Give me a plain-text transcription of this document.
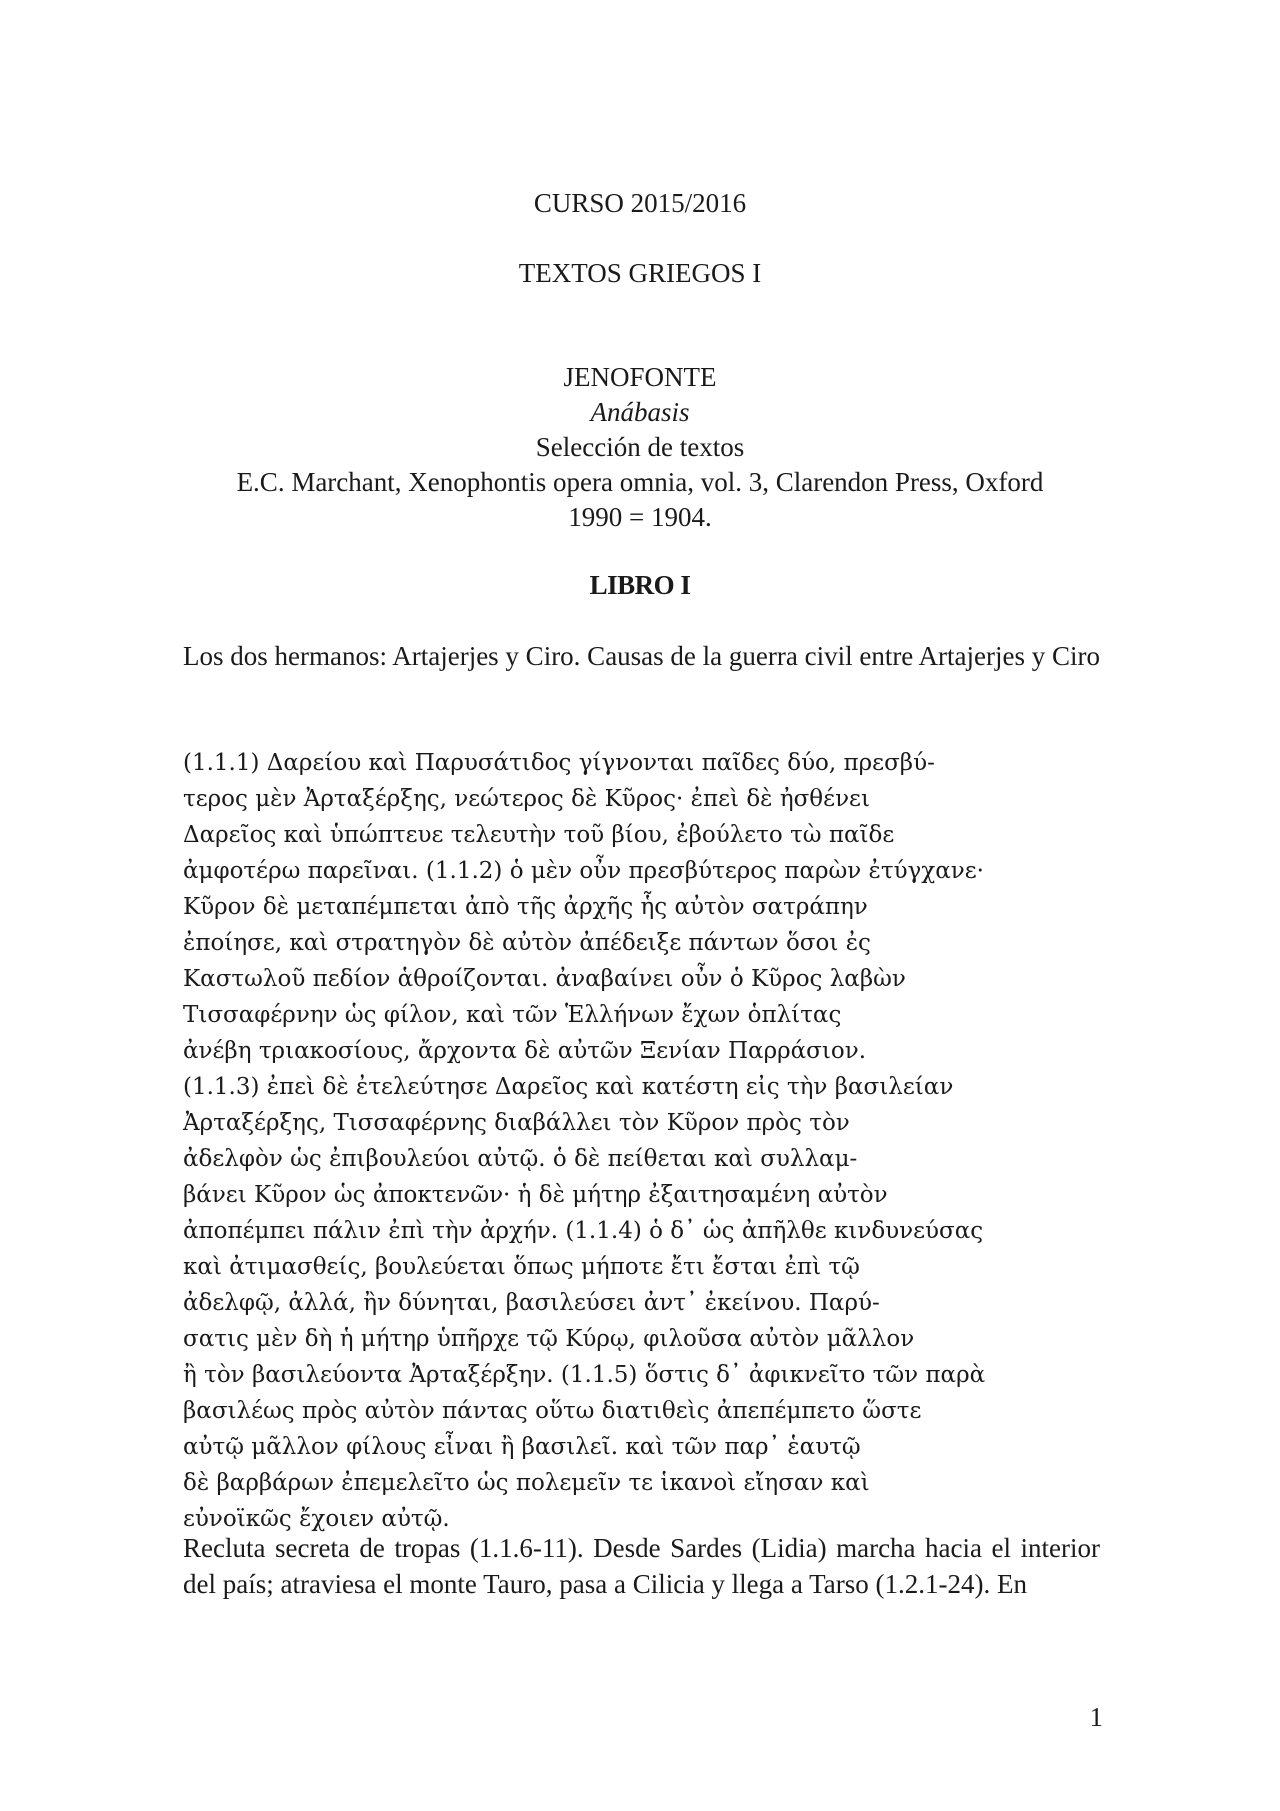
CURSO 2015/2016
TEXTOS GRIEGOS I
JENOFONTE
Anábasis
Selección de textos
E.C. Marchant, Xenophontis opera omnia, vol. 3, Clarendon Press, Oxford
1990 = 1904.
LIBRO I
Los dos hermanos: Artajerjes y Ciro. Causas de la guerra civil entre Artajerjes y Ciro
(1.1.1) Δαρείου καὶ Παρυσάτιδος γίγνονται παῖδες δύο, πρεσβύ-
τερος μὲν Ἀρταξέρξης, νεώτερος δὲ Κῦρος· ἐπεὶ δὲ ἠσθένει
Δαρεῖος καὶ ὑπώπτευε τελευτὴν τοῦ βίου, ἐβούλετο τὼ παῖδε
ἀμφοτέρω παρεῖναι. (1.1.2) ὁ μὲν οὖν πρεσβύτερος παρὼν ἐτύγχανε·
Κῦρον δὲ μεταπέμπεται ἀπὸ τῆς ἀρχῆς ἧς αὐτὸν σατράπην
ἐποίησε, καὶ στρατηγὸν δὲ αὐτὸν ἀπέδειξε πάντων ὅσοι ἐς
Καστωλοῦ πεδίον ἁθροίζονται. ἀναβαίνει οὖν ὁ Κῦρος λαβὼν
Τισσαφέρνην ὡς φίλον, καὶ τῶν Ἑλλήνων ἔχων ὁπλίτας
ἀνέβη τριακοσίους, ἄρχοντα δὲ αὐτῶν Ξενίαν Παρράσιον.
(1.1.3) ἐπεὶ δὲ ἐτελεύτησε Δαρεῖος καὶ κατέστη εἰς τὴν βασιλείαν
Ἀρταξέρξης, Τισσαφέρνης διαβάλλει τὸν Κῦρον πρὸς τὸν
ἀδελφὸν ὡς ἐπιβουλεύοι αὐτῷ. ὁ δὲ πείθεται καὶ συλλαμ-
βάνει Κῦρον ὡς ἀποκτενῶν· ἡ δὲ μήτηρ ἐξαιτησαμένη αὐτὸν
ἀποπέμπει πάλιν ἐπὶ τὴν ἀρχήν. (1.1.4) ὁ δ᾽ ὡς ἀπῆλθε κινδυνεύσας
καὶ ἀτιμασθείς, βουλεύεται ὅπως μήποτε ἔτι ἔσται ἐπὶ τῷ
ἀδελφῷ, ἀλλά, ἢν δύνηται, βασιλεύσει ἀντ᾽ ἐκείνου. Παρύ-
σατις μὲν δὴ ἡ μήτηρ ὑπῆρχε τῷ Κύρῳ, φιλοῦσα αὐτὸν μᾶλλον
ἢ τὸν βασιλεύοντα Ἀρταξέρξην. (1.1.5) ὅστις δ᾽ ἀφικνεῖτο τῶν παρὰ
βασιλέως πρὸς αὐτὸν πάντας οὕτω διατιθεὶς ἀπεπέμπετο ὥστε
αὐτῷ μᾶλλον φίλους εἶναι ἢ βασιλεῖ. καὶ τῶν παρ᾽ ἑαυτῷ
δὲ βαρβάρων ἐπεμελεῖτο ὡς πολεμεῖν τε ἱκανοὶ εἴησαν καὶ
εὐνοϊκῶς ἔχοιεν αὐτῷ.
Recluta secreta de tropas (1.1.6-11). Desde Sardes (Lidia) marcha hacia el interior del país; atraviesa el monte Tauro, pasa a Cilicia y llega a Tarso (1.2.1-24). En
1
